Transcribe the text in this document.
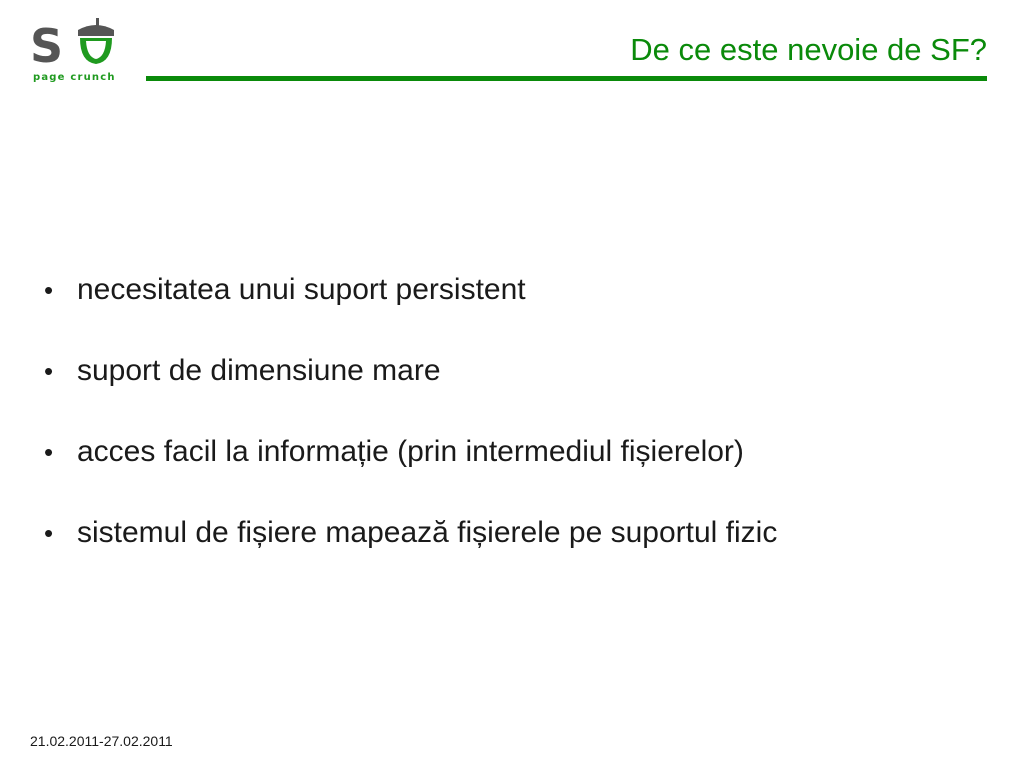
S
page crunch
De ce este nevoie de SF?
• necesitatea unui suport persistent
• suport de dimensiune mare
• acces facil la informație (prin intermediul fișierelor)
• sistemul de fișiere mapează fișierele pe suportul fizic
21.02.2011-27.02.2011
